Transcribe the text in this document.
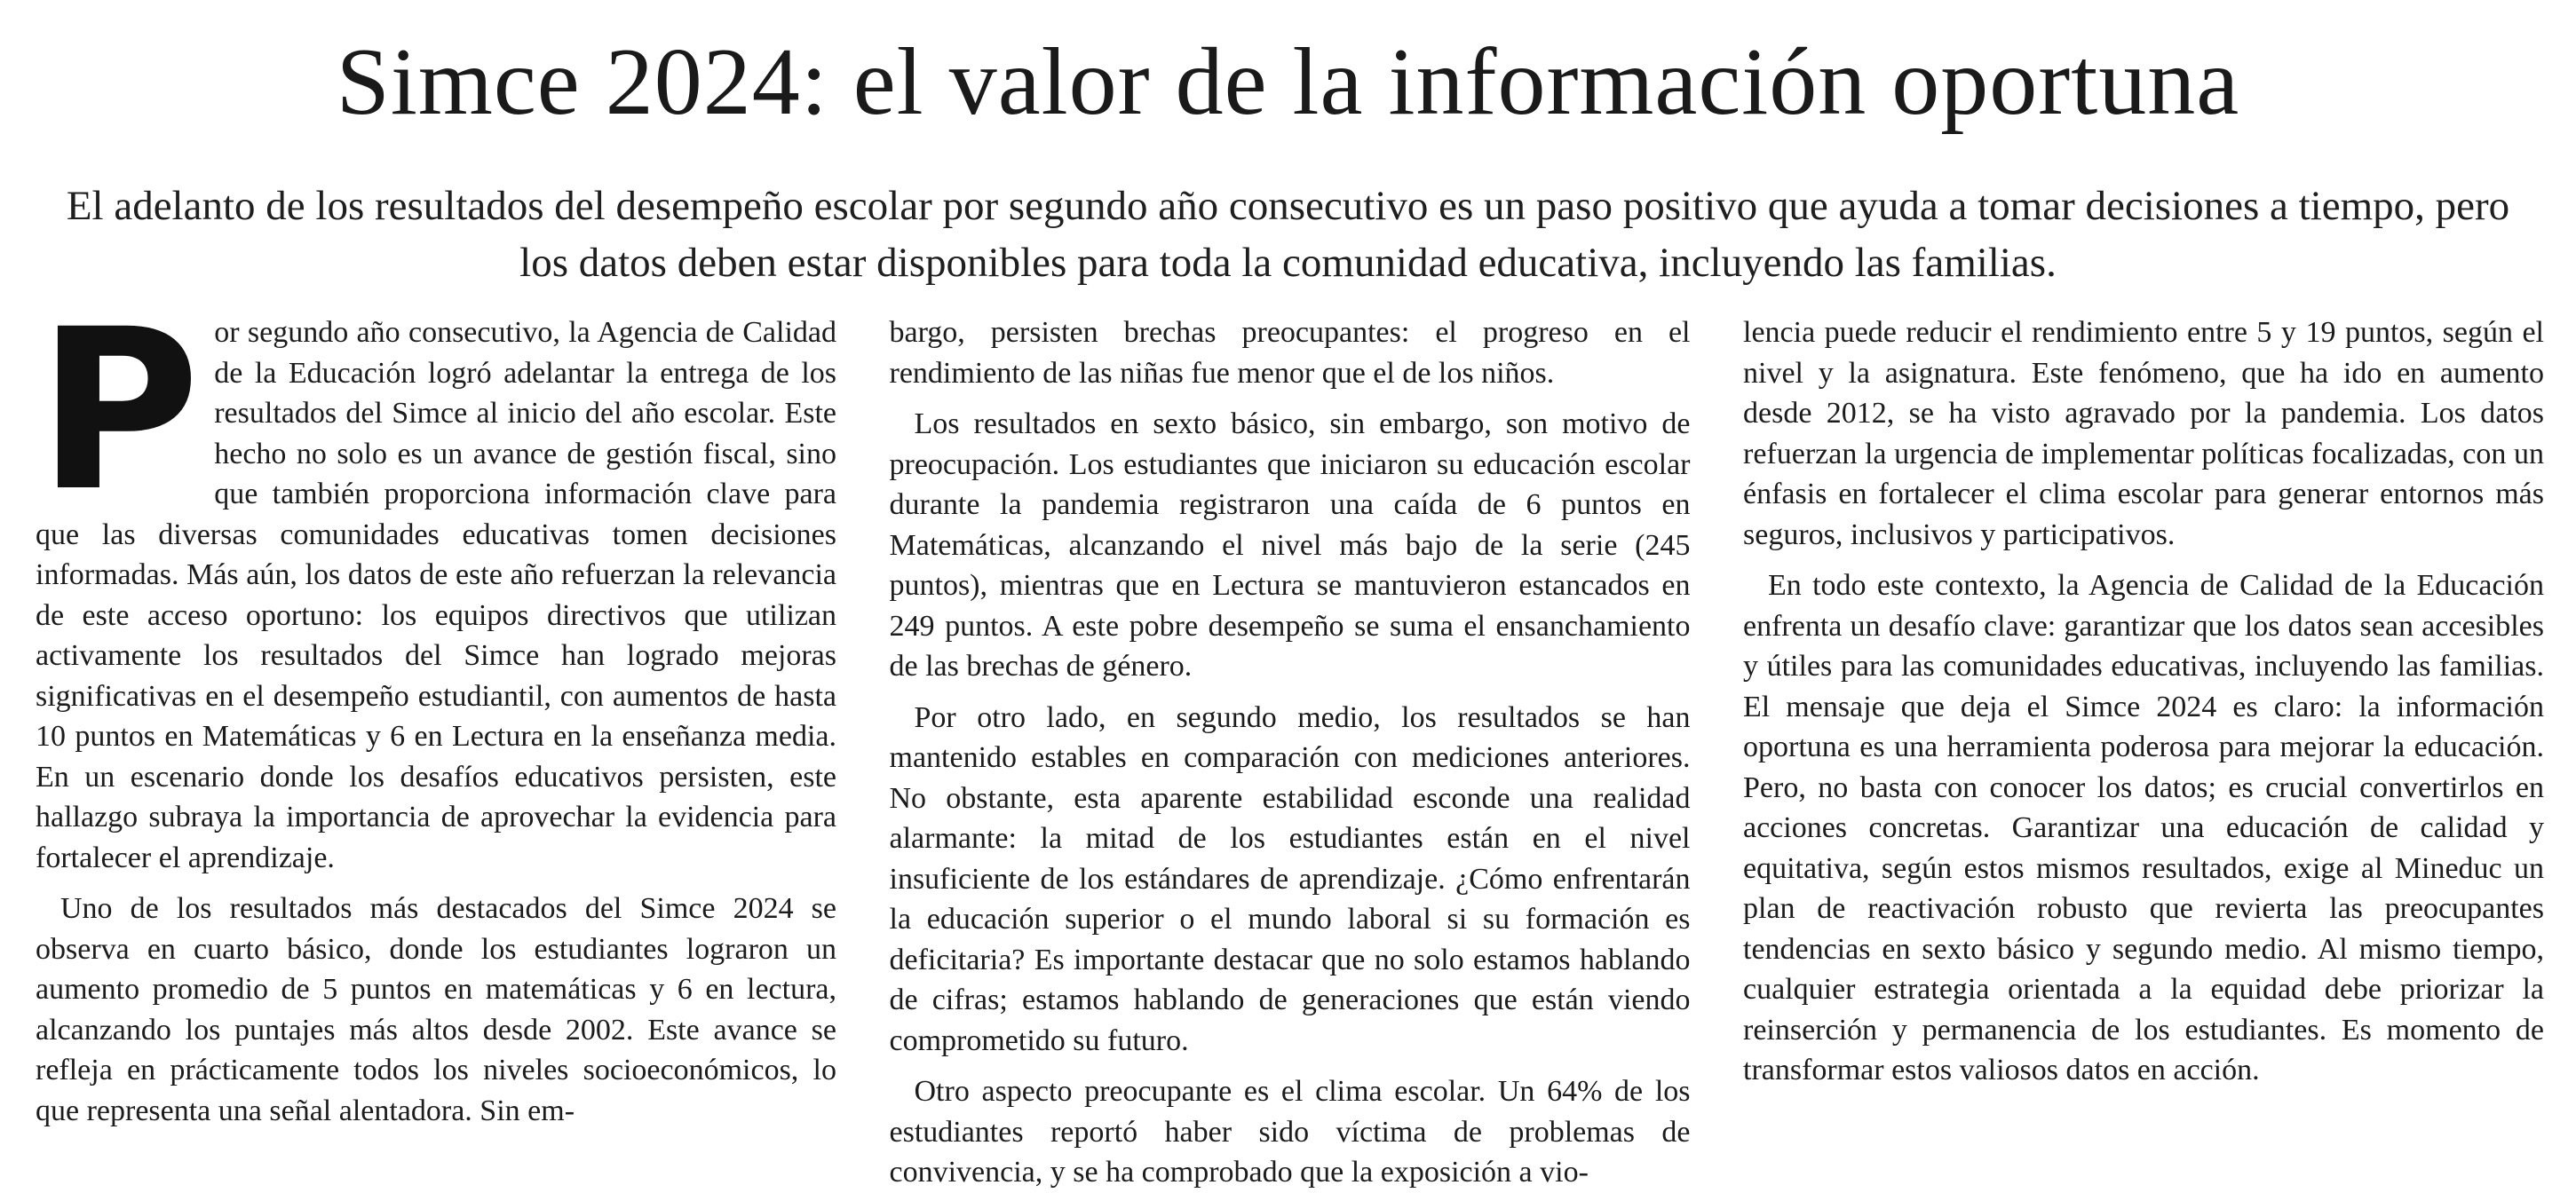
Simce 2024: el valor de la información oportuna

El adelanto de los resultados del desempeño escolar por segundo año consecutivo es un paso positivo que ayuda a tomar decisiones a tiempo, pero los datos deben estar disponibles para toda la comunidad educativa, incluyendo las familias.

Por segundo año consecutivo, la Agencia de Calidad de la Educación logró adelantar la entrega de los resultados del Simce al inicio del año escolar. Este hecho no solo es un avance de gestión fiscal, sino que también proporciona información clave para que las diversas comunidades educativas tomen decisiones informadas. Más aún, los datos de este año refuerzan la relevancia de este acceso oportuno: los equipos directivos que utilizan activamente los resultados del Simce han logrado mejoras significativas en el desempeño estudiantil, con aumentos de hasta 10 puntos en Matemáticas y 6 en Lectura en la enseñanza media. En un escenario donde los desafíos educativos persisten, este hallazgo subraya la importancia de aprovechar la evidencia para fortalecer el aprendizaje.

Uno de los resultados más destacados del Simce 2024 se observa en cuarto básico, donde los estudiantes lograron un aumento promedio de 5 puntos en matemáticas y 6 en lectura, alcanzando los puntajes más altos desde 2002. Este avance se refleja en prácticamente todos los niveles socioeconómicos, lo que representa una señal alentadora. Sin em-

bargo, persisten brechas preocupantes: el progreso en el rendimiento de las niñas fue menor que el de los niños.

Los resultados en sexto básico, sin embargo, son motivo de preocupación. Los estudiantes que iniciaron su educación escolar durante la pandemia registraron una caída de 6 puntos en Matemáticas, alcanzando el nivel más bajo de la serie (245 puntos), mientras que en Lectura se mantuvieron estancados en 249 puntos. A este pobre desempeño se suma el ensanchamiento de las brechas de género.

Por otro lado, en segundo medio, los resultados se han mantenido estables en comparación con mediciones anteriores. No obstante, esta aparente estabilidad esconde una realidad alarmante: la mitad de los estudiantes están en el nivel insuficiente de los estándares de aprendizaje. ¿Cómo enfrentarán la educación superior o el mundo laboral si su formación es deficitaria? Es importante destacar que no solo estamos hablando de cifras; estamos hablando de generaciones que están viendo comprometido su futuro.

Otro aspecto preocupante es el clima escolar. Un 64% de los estudiantes reportó haber sido víctima de problemas de convivencia, y se ha comprobado que la exposición a vio-

lencia puede reducir el rendimiento entre 5 y 19 puntos, según el nivel y la asignatura. Este fenómeno, que ha ido en aumento desde 2012, se ha visto agravado por la pandemia. Los datos refuerzan la urgencia de implementar políticas focalizadas, con un énfasis en fortalecer el clima escolar para generar entornos más seguros, inclusivos y participativos.

En todo este contexto, la Agencia de Calidad de la Educación enfrenta un desafío clave: garantizar que los datos sean accesibles y útiles para las comunidades educativas, incluyendo las familias. El mensaje que deja el Simce 2024 es claro: la información oportuna es una herramienta poderosa para mejorar la educación. Pero, no basta con conocer los datos; es crucial convertirlos en acciones concretas. Garantizar una educación de calidad y equitativa, según estos mismos resultados, exige al Mineduc un plan de reactivación robusto que revierta las preocupantes tendencias en sexto básico y segundo medio. Al mismo tiempo, cualquier estrategia orientada a la equidad debe priorizar la reinserción y permanencia de los estudiantes. Es momento de transformar estos valiosos datos en acción.
